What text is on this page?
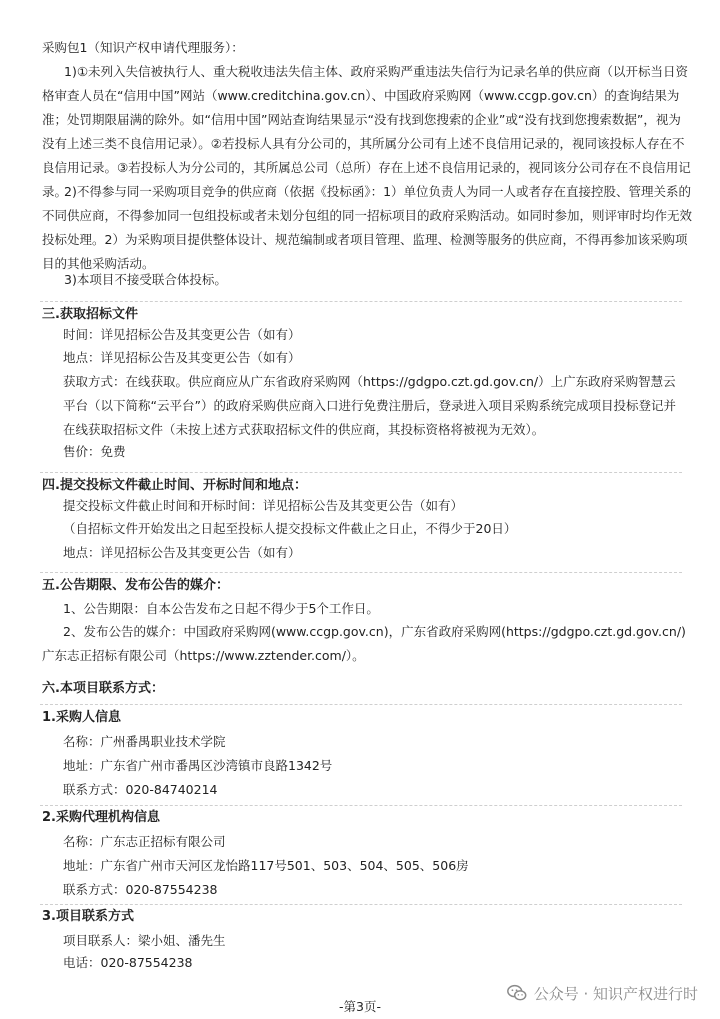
采购包1（知识产权申请代理服务）：
1)①未列入失信被执行人、重大税收违法失信主体、政府采购严重违法失信行为记录名单的供应商（以开标当日资格审查人员在“信用中国”网站（www.creditchina.gov.cn）、中国政府采购网（www.ccgp.gov.cn）的查询结果为准；处罚期限届满的除外。如“信用中国”网站查询结果显示“没有找到您搜索的企业”或“没有找到您搜索数据”，视为没有上述三类不良信用记录）。②若投标人具有分公司的，其所属分公司有上述不良信用记录的，视同该投标人存在不良信用记录。③若投标人为分公司的，其所属总公司（总所）存在上述不良信用记录的，视同该分公司存在不良信用记录。
2)不得参与同一采购项目竞争的供应商（依据《投标函》：1）单位负责人为同一人或者存在直接控股、管理关系的不同供应商，不得参加同一包组投标或者未划分包组的同一招标项目的政府采购活动。如同时参加，则评审时均作无效投标处理。2）为采购项目提供整体设计、规范编制或者项目管理、监理、检测等服务的供应商，不得再参加该采购项目的其他采购活动。
3)本项目不接受联合体投标。
三.获取招标文件
时间：详见招标公告及其变更公告（如有）
地点：详见招标公告及其变更公告（如有）
获取方式：在线获取。供应商应从广东省政府采购网（https://gdgpo.czt.gd.gov.cn/）上广东政府采购智慧云平台（以下简称“云平台”）的政府采购供应商入口进行免费注册后，登录进入项目采购系统完成项目投标登记并在线获取招标文件（未按上述方式获取招标文件的供应商，其投标资格将被视为无效）。
售价：免费
四.提交投标文件截止时间、开标时间和地点：
提交投标文件截止时间和开标时间：详见招标公告及其变更公告（如有）
（自招标文件开始发出之日起至投标人提交投标文件截止之日止，不得少于20日）
地点：详见招标公告及其变更公告（如有）
五.公告期限、发布公告的媒介：
1、公告期限：自本公告发布之日起不得少于5个工作日。
2、发布公告的媒介：中国政府采购网(www.ccgp.gov.cn)，广东省政府采购网(https://gdgpo.czt.gd.gov.cn/)广东志正招标有限公司（https://www.zztender.com/）。
六.本项目联系方式：
1.采购人信息
名称：广州番禺职业技术学院
地址：广东省广州市番禺区沙湾镇市良路1342号
联系方式：020-84740214
2.采购代理机构信息
名称：广东志正招标有限公司
地址：广东省广州市天河区龙怡路117号501、503、504、505、506房
联系方式：020-87554238
3.项目联系方式
项目联系人：梁小姐、潘先生
电话：020-87554238
公众号 · 知识产权进行时
-第3页-
